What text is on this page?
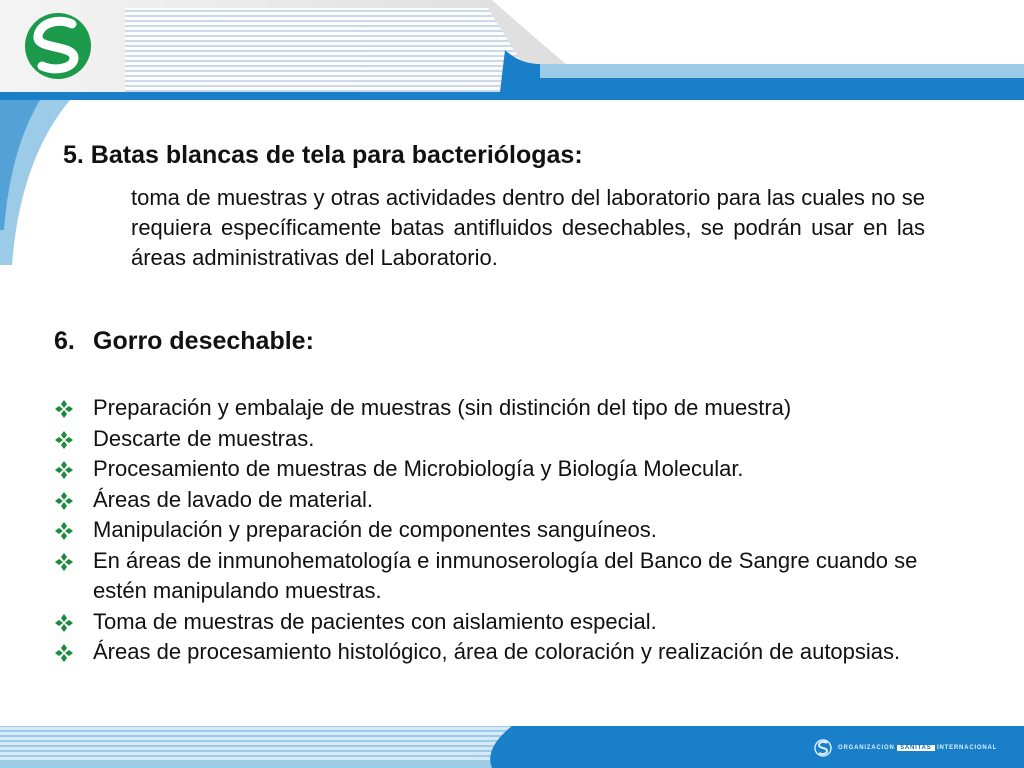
5. Batas blancas de tela para bacteriólogas:
toma de muestras y otras actividades dentro del laboratorio para las cuales no se requiera específicamente batas antifluidos desechables, se podrán usar en las áreas administrativas del Laboratorio.
6. Gorro desechable:
Preparación y embalaje de muestras (sin distinción del tipo de muestra)
Descarte de muestras.
Procesamiento de muestras de Microbiología y Biología Molecular.
Áreas de lavado de material.
Manipulación y preparación de componentes sanguíneos.
En áreas de inmunohematología e inmunoserología del Banco de Sangre cuando se estén manipulando muestras.
Toma de muestras de pacientes con aislamiento especial.
Áreas de procesamiento histológico, área de coloración y realización de autopsias.
ORGANIZACION SANITAS INTERNACIONAL
